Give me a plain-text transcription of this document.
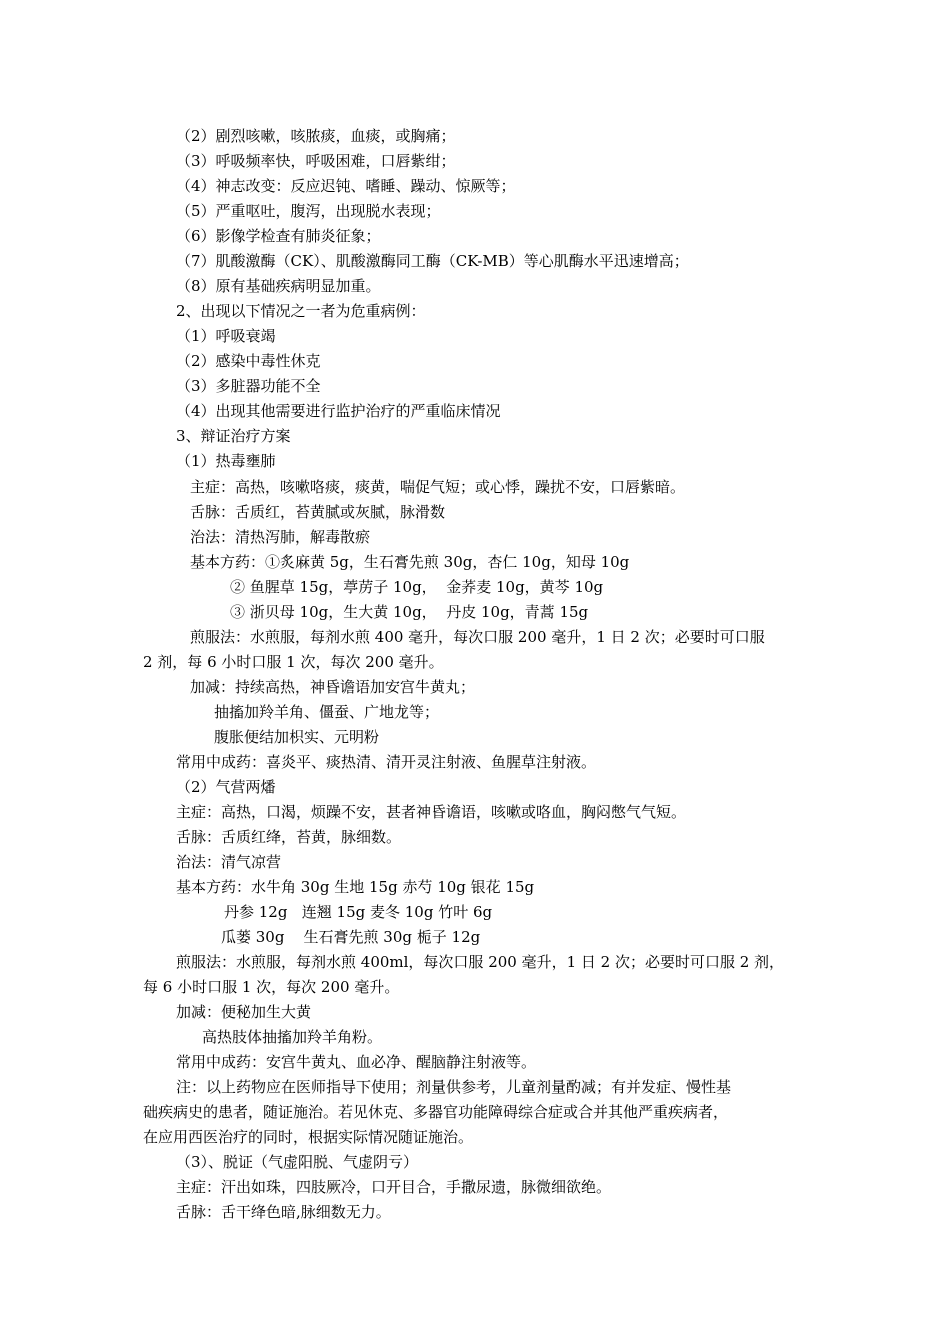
（2）剧烈咳嗽，咳脓痰，血痰，或胸痛；
（3）呼吸频率快，呼吸困难，口唇紫绀；
（4）神志改变：反应迟钝、嗜睡、躁动、惊厥等；
（5）严重呕吐，腹泻，出现脱水表现；
（6）影像学检查有肺炎征象；
（7）肌酸激酶（CK）、肌酸激酶同工酶（CK-MB）等心肌酶水平迅速增高；
（8）原有基础疾病明显加重。
2、出现以下情况之一者为危重病例：
（1）呼吸衰竭
（2）感染中毒性休克
（3）多脏器功能不全
（4）出现其他需要进行监护治疗的严重临床情况
3、辩证治疗方案
（1）热毒壅肺
主症：高热，咳嗽咯痰，痰黄，喘促气短；或心悸，躁扰不安，口唇紫暗。
舌脉：舌质红，苔黄腻或灰腻，脉滑数
治法：清热泻肺，解毒散瘀
基本方药：①炙麻黄 5g，生石膏先煎 30g，杏仁 10g，知母 10g
② 鱼腥草 15g，葶苈子 10g，  金荞麦 10g，黄芩 10g
③ 浙贝母 10g，生大黄 10g，  丹皮 10g，青蒿 15g
煎服法：水煎服，每剂水煎 400 毫升，每次口服 200 毫升，1 日 2 次；必要时可口服
2 剂，每 6 小时口服 1 次，每次 200 毫升。
加减：持续高热，神昏谵语加安宫牛黄丸；
抽搐加羚羊角、僵蚕、广地龙等；
腹胀便结加枳实、元明粉
常用中成药：喜炎平、痰热清、清开灵注射液、鱼腥草注射液。
（2）气营两燔
主症：高热，口渴，烦躁不安，甚者神昏谵语，咳嗽或咯血，胸闷憋气气短。
舌脉：舌质红绛，苔黄，脉细数。
治法：清气凉营
基本方药：水牛角 30g 生地 15g 赤芍 10g 银花 15g
丹参 12g   连翘 15g 麦冬 10g 竹叶 6g
瓜蒌 30g    生石膏先煎 30g 栀子 12g
煎服法：水煎服，每剂水煎 400ml，每次口服 200 毫升，1 日 2 次；必要时可口服 2 剂，
每 6 小时口服 1 次，每次 200 毫升。
加减：便秘加生大黄
高热肢体抽搐加羚羊角粉。
常用中成药：安宫牛黄丸、血必净、醒脑静注射液等。
注：以上药物应在医师指导下使用；剂量供参考，儿童剂量酌减；有并发症、慢性基
础疾病史的患者，随证施治。若见休克、多器官功能障碍综合症或合并其他严重疾病者，
在应用西医治疗的同时，根据实际情况随证施治。
（3）、脱证（气虚阳脱、气虚阴亏）
主症：汗出如珠，四肢厥冷，口开目合，手撒尿遗，脉微细欲绝。
舌脉：舌干绛色暗,脉细数无力。
